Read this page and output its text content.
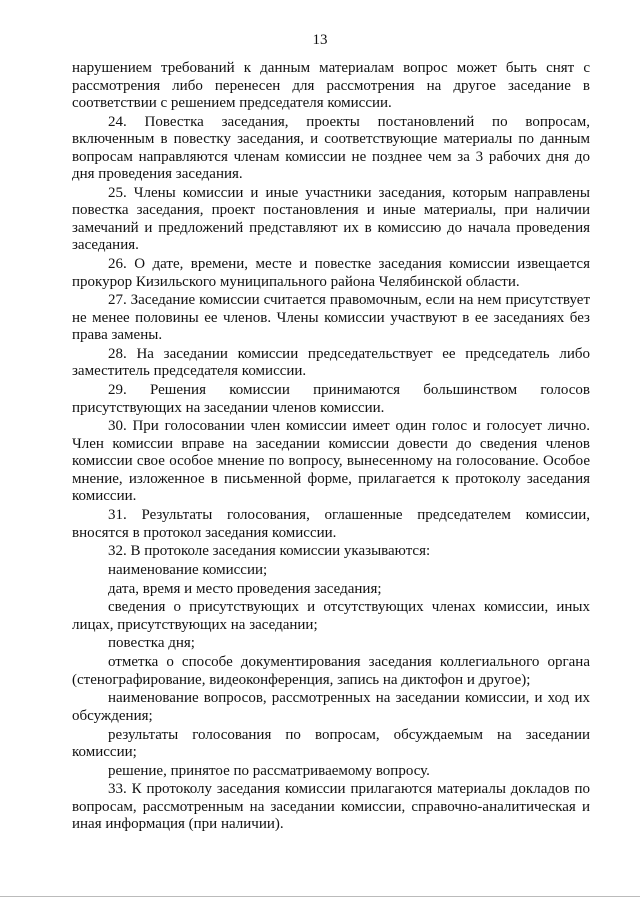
13

нарушением требований к данным материалам вопрос может быть снят с рассмотрения либо перенесен для рассмотрения на другое заседание в соответствии с решением председателя комиссии.

24. Повестка заседания, проекты постановлений по вопросам, включенным в повестку заседания, и соответствующие материалы по данным вопросам направляются членам комиссии не позднее чем за 3 рабочих дня до дня проведения заседания.

25. Члены комиссии и иные участники заседания, которым направлены повестка заседания, проект постановления и иные материалы, при наличии замечаний и предложений представляют их в комиссию до начала проведения заседания.

26. О дате, времени, месте и повестке заседания комиссии извещается прокурор Кизильского муниципального района Челябинской области.

27. Заседание комиссии считается правомочным, если на нем присутствует не менее половины ее членов. Члены комиссии участвуют в ее заседаниях без права замены.

28. На заседании комиссии председательствует ее председатель либо заместитель председателя комиссии.

29. Решения комиссии принимаются большинством голосов присутствующих на заседании членов комиссии.

30. При голосовании член комиссии имеет один голос и голосует лично. Член комиссии вправе на заседании комиссии довести до сведения членов комиссии свое особое мнение по вопросу, вынесенному на голосование. Особое мнение, изложенное в письменной форме, прилагается к протоколу заседания комиссии.

31. Результаты голосования, оглашенные председателем комиссии, вносятся в протокол заседания комиссии.

32. В протоколе заседания комиссии указываются:

наименование комиссии;

дата, время и место проведения заседания;

сведения о присутствующих и отсутствующих членах комиссии, иных лицах, присутствующих на заседании;

повестка дня;

отметка о способе документирования заседания коллегиального органа (стенографирование, видеоконференция, запись на диктофон и другое);

наименование вопросов, рассмотренных на заседании комиссии, и ход их обсуждения;

результаты голосования по вопросам, обсуждаемым на заседании комиссии;

решение, принятое по рассматриваемому вопросу.

33. К протоколу заседания комиссии прилагаются материалы докладов по вопросам, рассмотренным на заседании комиссии, справочно-аналитическая и иная информация (при наличии).
